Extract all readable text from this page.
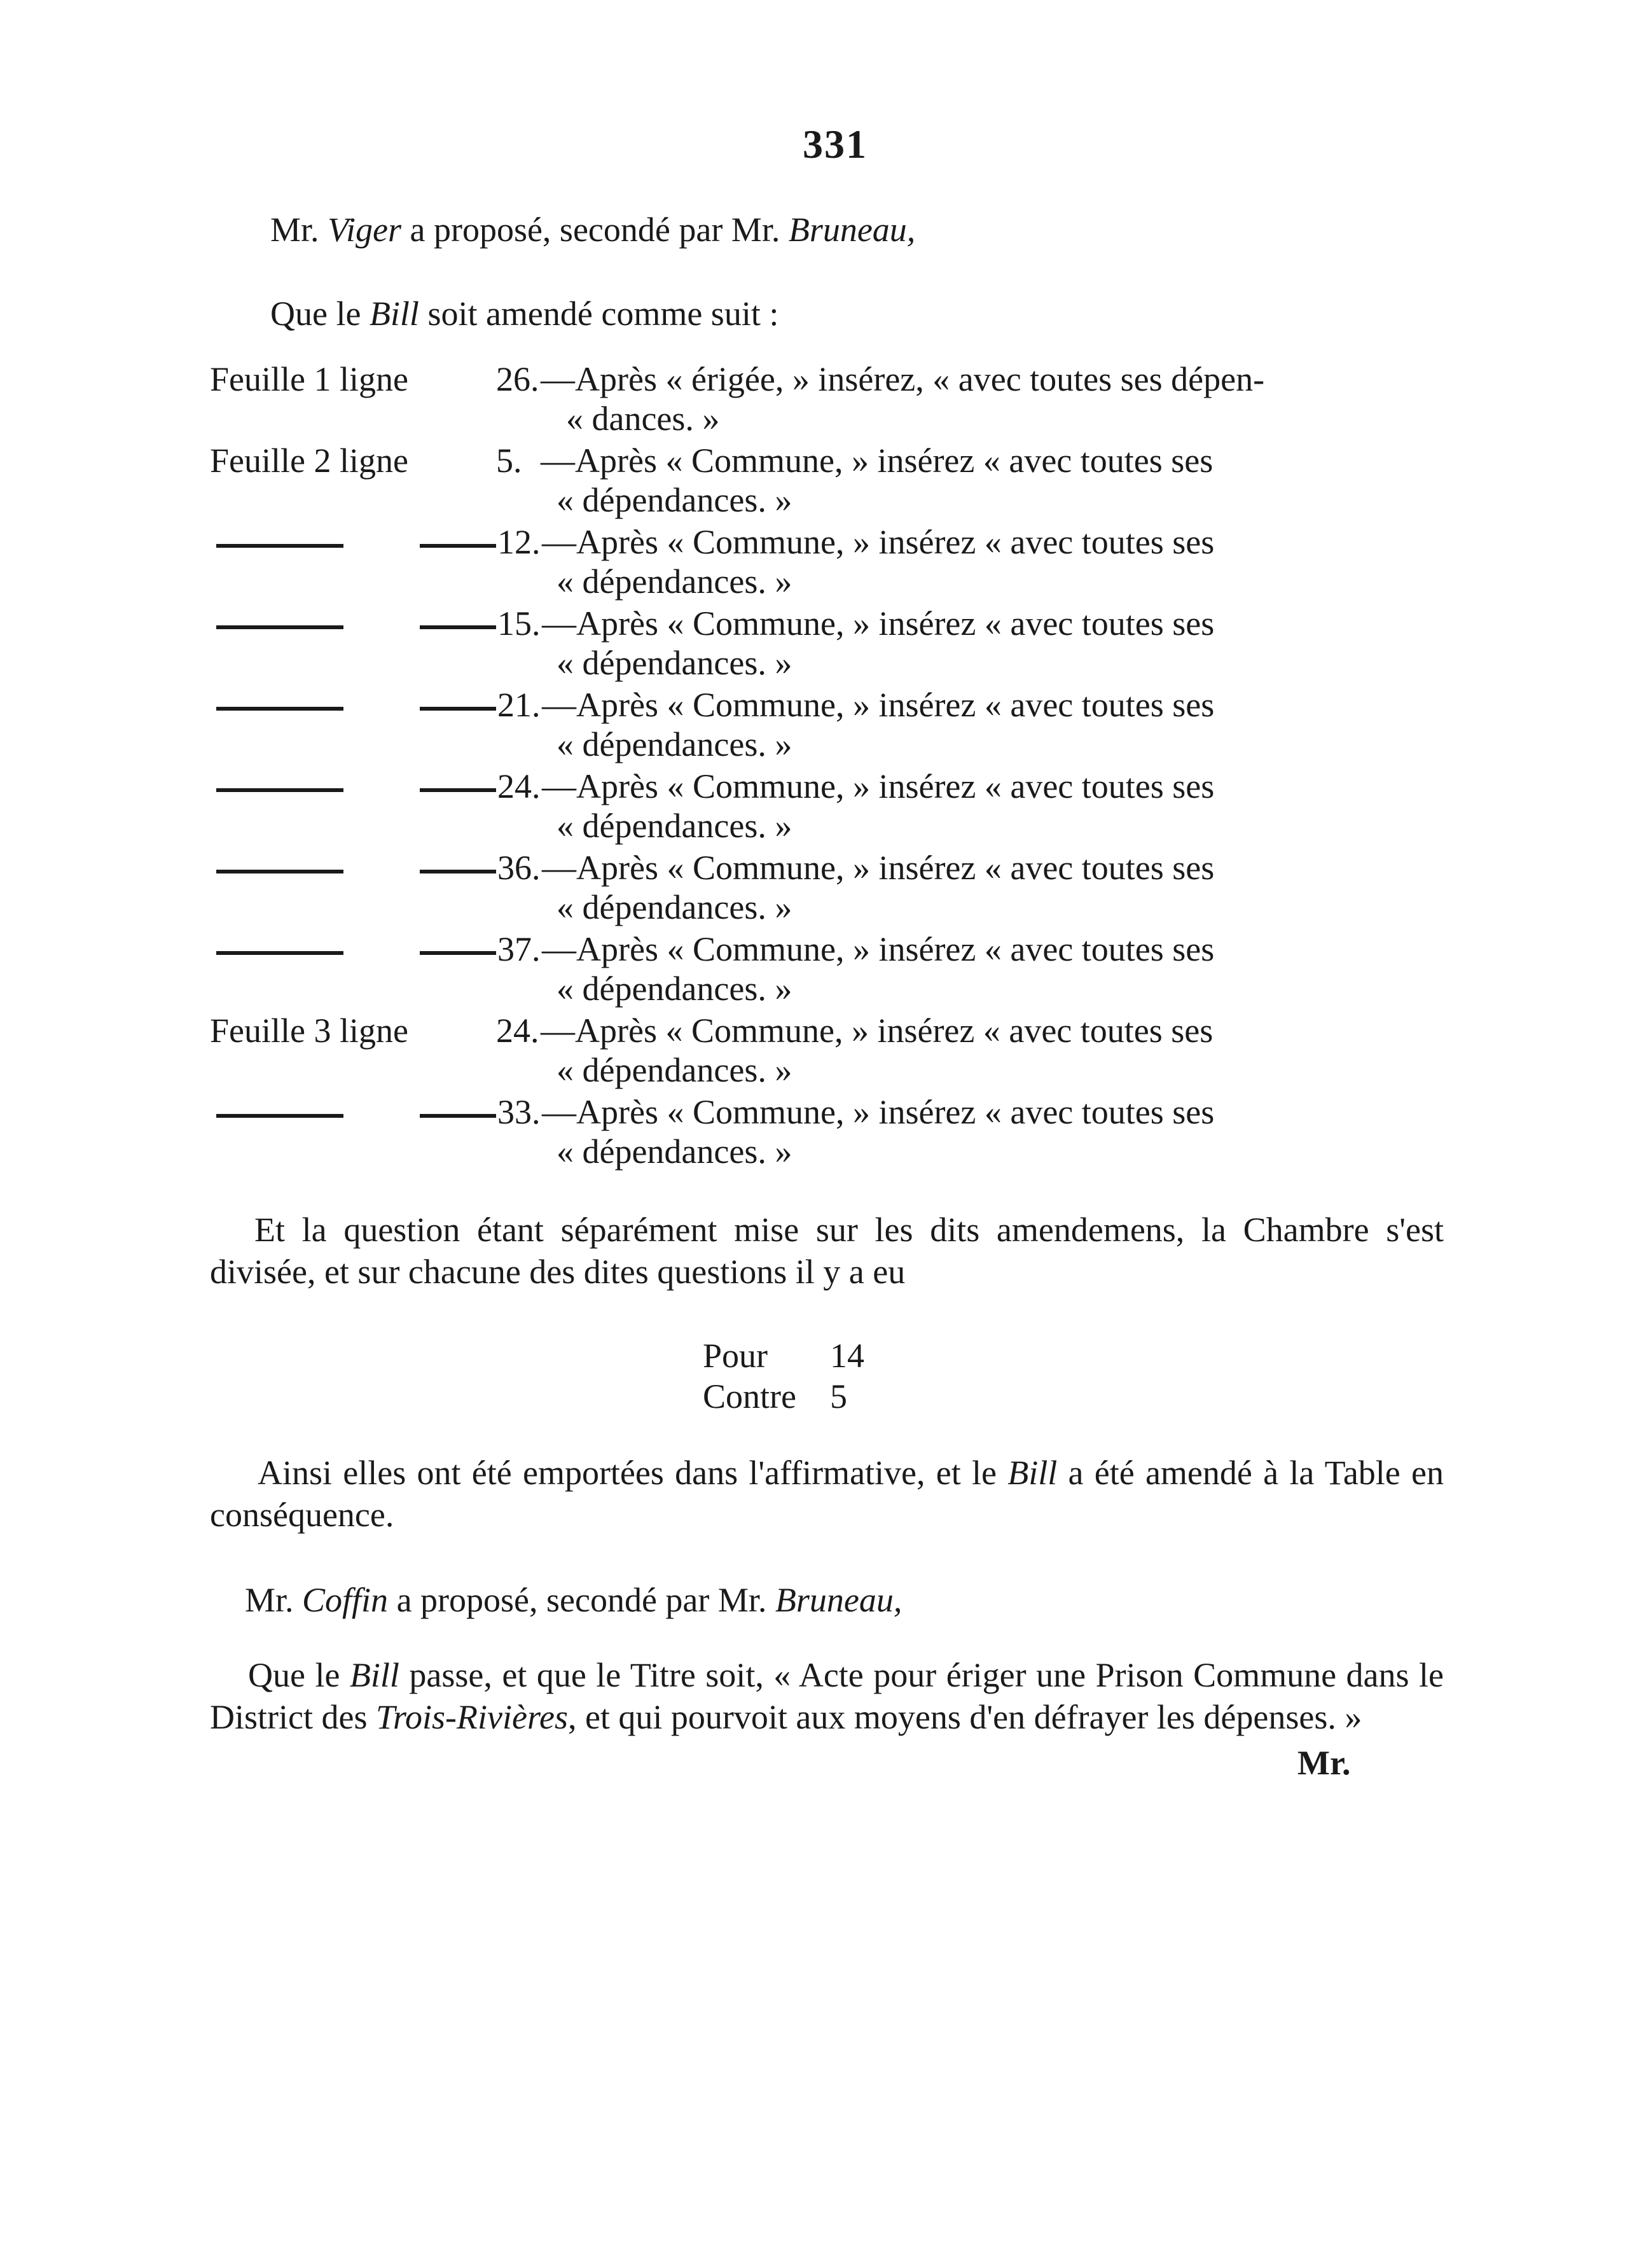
331
Mr. Viger a proposé, secondé par Mr. Bruneau,
Que le Bill soit amendé comme suit :
Feuille 1 ligne	26. —Après « érigée, » insérez, « avec toutes ses dépen-
« dances. »
Feuille 2 ligne	5. —Après « Commune, » insérez « avec toutes ses
« dépendances. »
12. —Après « Commune, » insérez « avec toutes ses
« dépendances. »
15. —Après « Commune, » insérez « avec toutes ses
« dépendances. »
21. —Après « Commune, » insérez « avec toutes ses
« dépendances. »
24. —Après « Commune, » insérez « avec toutes ses
« dépendances. »
36. —Après « Commune, » insérez « avec toutes ses
« dépendances. »
37. —Après « Commune, » insérez « avec toutes ses
« dépendances. »
Feuille 3 ligne	24. —Après « Commune, » insérez « avec toutes ses
« dépendances. »
33. —Après « Commune, » insérez « avec toutes ses
« dépendances. »
Et la question étant séparément mise sur les dits amendemens, la Chambre s'est divisée, et sur chacune des dites questions il y a eu
Pour 14
Contre 5
Ainsi elles ont été emportées dans l'affirmative, et le Bill a été amendé à la Table en conséquence.
Mr. Coffin a proposé, secondé par Mr. Bruneau,
Que le Bill passe, et que le Titre soit, « Acte pour ériger une Prison Commune dans le District des Trois-Rivières, et qui pourvoit aux moyens d'en défrayer les dépenses. »
Mr.
